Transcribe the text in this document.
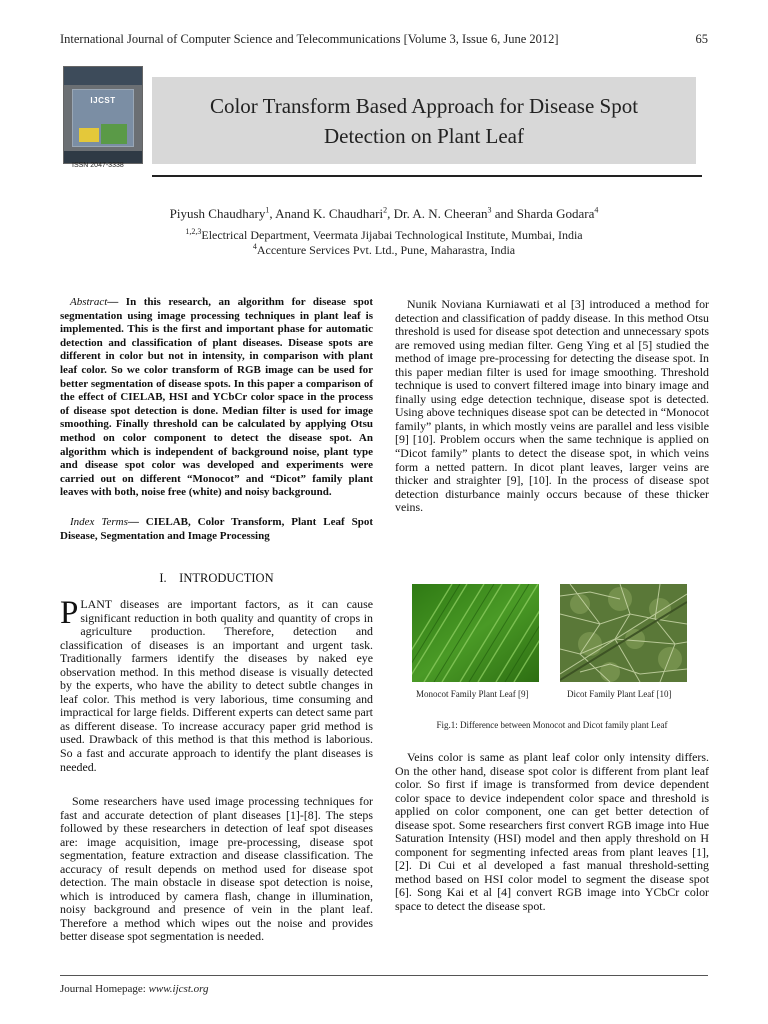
International Journal of Computer Science and Telecommunications [Volume 3, Issue 6, June 2012]	65
IJCST
ISSN 2047-3338
Color Transform Based Approach for Disease Spot
Detection on Plant Leaf
Piyush Chaudhary$^1$, Anand K. Chaudhari$^2$, Dr. A. N. Cheeran$^3$ and Sharda Godara$^4$
$^{1,2,3}$Electrical Department, Veermata Jijabai Technological Institute, Mumbai, India
$^4$Accenture Services Pvt. Ltd., Pune, Maharastra, India
Abstract— In this research, an algorithm for disease spot segmentation using image processing techniques in plant leaf is implemented. This is the first and important phase for automatic detection and classification of plant diseases. Disease spots are different in color but not in intensity, in comparison with plant leaf color. So we color transform of RGB image can be used for better segmentation of disease spots. In this paper a comparison of the effect of CIELAB, HSI and YCbCr color space in the process of disease spot detection is done. Median filter is used for image smoothing. Finally threshold can be calculated by applying Otsu method on color component to detect the disease spot. An algorithm which is independent of background noise, plant type and disease spot color was developed and experiments were carried out on different “Monocot” and “Dicot” family plant leaves with both, noise free (white) and noisy background.
Index Terms— CIELAB, Color Transform, Plant Leaf Spot Disease, Segmentation and Image Processing
I.    INTRODUCTION
PLANT diseases are important factors, as it can cause significant reduction in both quality and quantity of crops in agriculture production. Therefore, detection and classification of diseases is an important and urgent task. Traditionally farmers identify the diseases by naked eye observation method. In this method disease is visually detected by the experts, who have the ability to detect subtle changes in leaf color. This method is very laborious, time consuming and impractical for large fields. Different experts can detect same part as different disease. To increase accuracy paper grid method is used. Drawback of this method is that this method is laborious. So a fast and accurate approach to identify the plant diseases is needed.
Some researchers have used image processing techniques for fast and accurate detection of plant diseases [1]-[8]. The steps followed by these researchers in detection of leaf spot diseases are: image acquisition, image pre-processing, disease spot segmentation, feature extraction and disease classification. The accuracy of result depends on method used for disease spot detection. The main obstacle in disease spot detection is noise, which is introduced by camera flash, change in illumination, noisy background and presence of vein in the plant leaf. Therefore a method which wipes out the noise and provides better disease spot segmentation is needed.
Nunik Noviana Kurniawati et al [3] introduced a method for detection and classification of paddy disease. In this method Otsu threshold is used for disease spot detection and unnecessary spots are removed using median filter. Geng Ying et al [5] studied the method of image pre-processing for detecting the disease spot. In this paper median filter is used for image smoothing. Threshold technique is used to convert filtered image into binary image and finally using edge detection technique, disease spot is detected. Using above techniques disease spot can be detected in “Monocot family” plants, in which mostly veins are parallel and less visible [9] [10]. Problem occurs when the same technique is applied on “Dicot family” plants to detect the disease spot, in which veins form a netted pattern. In dicot plant leaves, larger veins are thicker and straighter [9], [10]. In the process of disease spot detection disturbance mainly occurs because of these thicker veins.
Monocot Family Plant Leaf [9]	Dicot Family Plant Leaf [10]
Fig.1: Difference between Monocot and Dicot family plant Leaf
Veins color is same as plant leaf color only intensity differs. On the other hand, disease spot color is different from plant leaf color. So first if image is transformed from device dependent color space to device independent color space and threshold is applied on color component, one can get better detection of disease spot. Some researchers first convert RGB image into Hue Saturation Intensity (HSI) model and then apply threshold on H component for segmenting infected areas from plant leaves [1], [2]. Di Cui et al developed a fast manual threshold-setting method based on HSI color model to segment the disease spot [6]. Song Kai et al [4] convert RGB image into YCbCr color space to detect the disease spot.
Journal Homepage: www.ijcst.org
